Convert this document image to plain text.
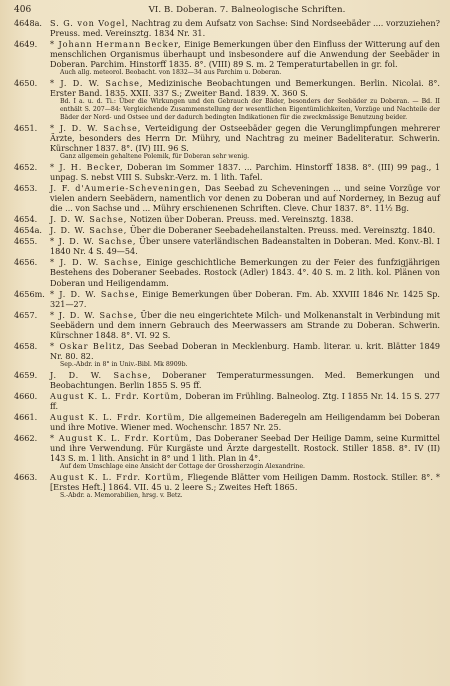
406	VI. B. Doberan. 7. Balneologische Schriften.
4648a. S. G. von Vogel, Nachtrag zu dem Aufsatz von Sachse: Sind Nordseebäder .... vorzuziehen? Preuss. med. Vereinsztg. 1834 Nr. 31.
4649.	* Johann Hermann Becker, Einige Bemerkungen über den Einfluss der Witterung auf den menschlichen Organismus überhaupt und insbesondere auf die Anwendung der Seebäder in Doberan. Parchim. Hinstorff 1835. 8°. (VIII) 89 S. m. 2 Temperaturtabellen in gr. fol.
Auch allg. meteorol. Beobacht. von 1832—34 aus Parchim u. Doberan.
4650.	* J. D. W. Sachse, Medizinische Beobachtungen und Bemerkungen. Berlin. Nicolai. 8°. Erster Band. 1835. XXII. 337 S.; Zweiter Band. 1839. X. 360 S.
Bd. I a. u. d. Ti.: Über die Wirkungen und den Gebrauch der Bäder, besonders der Seebäder zu Doberan. — Bd. II enthält S. 207—84: Vergleichende Zusammenstellung der wesentlichen Eigentümlichkeiten, Vorzüge und Nachteile der Bäder der Nord- und Ostsee und der dadurch bedingten Indikationen für die zweckmässige Benutzung beider.
4651.	* J. D. W. Sachse, Verteidigung der Ostseebäder gegen die Verunglimpfungen mehrerer Ärzte, besonders des Herrn Dr. Mühry, und Nachtrag zu meiner Badeliteratur. Schwerin. Kürschner 1837. 8°. (IV) III. 96 S.
Ganz allgemein gehaltene Polemik, für Doberan sehr wenig.
4652.	* J. H. Becker, Doberan im Sommer 1837. ... Parchim. Hinstorff 1838. 8°. (III) 99 pag., 1 unpag. S. nebst VIII S. Subskr.-Verz. m. 1 lith. Tafel.
4653.	J. F. d'Aumerie-Scheveningen, Das Seebad zu Scheveningen ... und seine Vorzüge vor vielen andern Seebädern, namentlich vor denen zu Doberan und auf Norderney, in Bezug auf die ... von Sachse und ... Mühry erschienenen Schriften. Cleve. Chur 1837. 8°. 11½ Bg.
4654.	J. D. W. Sachse, Notizen über Doberan. Preuss. med. Vereinsztg. 1838.
4654a. J. D. W. Sachse, Über die Doberaner Seebadeheilanstalten. Preuss. med. Vereinsztg. 1840.
4655.	* J. D. W. Sachse, Über unsere vaterländischen Badeanstalten in Doberan. Med. Konv.-Bl. I 1840 Nr. 4 S. 49—54.
4656.	* J. D. W. Sachse, Einige geschichtliche Bemerkungen zu der Feier des funfzigjährigen Bestehens des Doberaner Seebades. Rostock (Adler) 1843. 4°. 40 S. m. 2 lith. kol. Plänen von Doberan und Heiligendamm.
4656m. * J. D. W. Sachse, Einige Bemerkungen über Doberan. Fm. Ab. XXVIII 1846 Nr. 1425 Sp. 321—27.
4657.	* J. D. W. Sachse, Über die neu eingerichtete Milch- und Molkenanstalt in Verbindung mit Seebädern und dem innern Gebrauch des Meerwassers am Strande zu Doberan. Schwerin. Kürschner 1848. 8°. VI. 92 S.
4658.	* Oskar Belitz, Das Seebad Doberan in Mecklenburg. Hamb. literar. u. krit. Blätter 1849 Nr. 80. 82.
Sep.-Abdr. in 8° in Univ.-Bibl. Mk 8909b.
4659.	J. D. W. Sachse, Doberaner Temperaturmessungen. Med. Bemerkungen und Beobachtungen. Berlin 1855 S. 95 ff.
4660.	August K. L. Frdr. Kortüm, Doberan im Frühling. Balneolog. Ztg. I 1855 Nr. 14. 15 S. 277 ff.
4661.	August K. L. Frdr. Kortüm, Die allgemeinen Baderegeln am Heiligendamm bei Doberan und ihre Motive. Wiener med. Wochenschr. 1857 Nr. 25.
4662.	* August K. L. Frdr. Kortüm, Das Doberaner Seebad Der Heilige Damm, seine Kurmittel und ihre Verwendung. Für Kurgäste und Ärzte dargestellt. Rostock. Stiller 1858. 8°. IV (II) 143 S. m. 1 lith. Ansicht in 8° und 1 lith. Plan in 4°.
Auf dem Umschlage eine Ansicht der Cottage der Grossherzogin Alexandrine.
4663.	August K. L. Frdr. Kortüm, Fliegende Blätter vom Heiligen Damm. Rostock. Stiller. 8°. *[Erstes Heft.] 1864. VII. 45 u. 2 leere S.; Zweites Heft 1865.
S.-Abdr. a. Memorabilien, hrsg. v. Betz.
